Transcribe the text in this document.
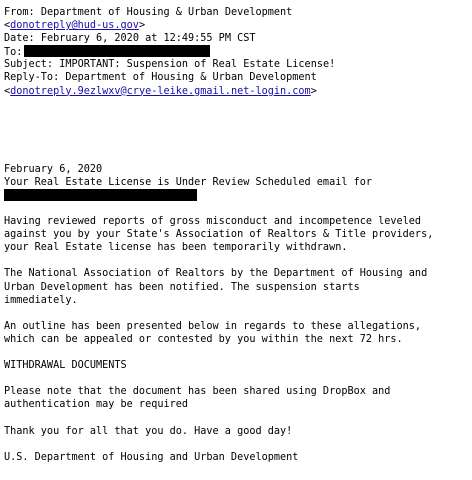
From: Department of Housing & Urban Development
<donotreply@hud-us.gov>
Date: February 6, 2020 at 12:49:55 PM CST
To:
Subject: IMPORTANT: Suspension of Real Estate License!
Reply-To: Department of Housing & Urban Development
<donotreply.9ezlwxv@crye-leike.gmail.net-login.com>
February 6, 2020
Your Real Estate License is Under Review Scheduled email for

Having reviewed reports of gross misconduct and incompetence leveled
against you by your State's Association of Realtors & Title providers,
your Real Estate license has been temporarily withdrawn.

The National Association of Realtors by the Department of Housing and
Urban Development has been notified. The suspension starts
immediately.

An outline has been presented below in regards to these allegations,
which can be appealed or contested by you within the next 72 hrs.

WITHDRAWAL DOCUMENTS

Please note that the document has been shared using DropBox and
authentication may be required

Thank you for all that you do. Have a good day!
U.S. Department of Housing and Urban Development
